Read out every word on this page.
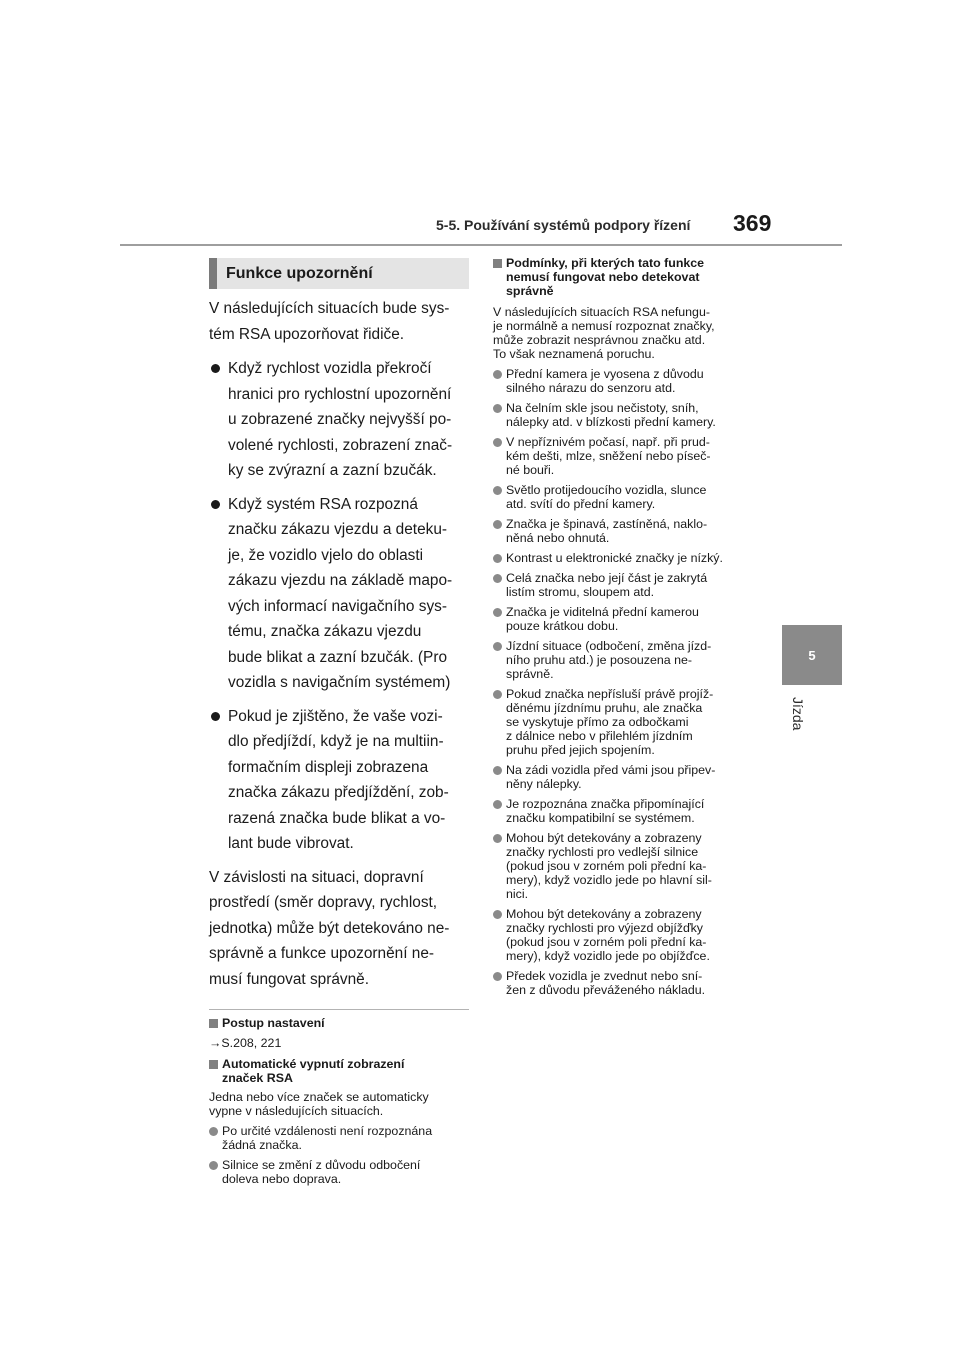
5-5. Používání systémů podpory řízení 369
5
Jízda
Funkce upozornění

V následujících situacích bude sys-
tém RSA upozorňovat řidiče.

Když rychlost vozidla překročí
hranici pro rychlostní upozornění
u zobrazené značky nejvyšší po-
volené rychlosti, zobrazení znač-
ky se zvýrazní a zazní bzučák.
Když systém RSA rozpozná
značku zákazu vjezdu a deteku-
je, že vozidlo vjelo do oblasti
zákazu vjezdu na základě mapo-
vých informací navigačního sys-
tému, značka zákazu vjezdu
bude blikat a zazní bzučák. (Pro
vozidla s navigačním systémem)
Pokud je zjištěno, že vaše vozi-
dlo předjíždí, když je na multiin-
formačním displeji zobrazena
značka zákazu předjíždění, zob-
razená značka bude blikat a vo-
lant bude vibrovat.

V závislosti na situaci, dopravní
prostředí (směr dopravy, rychlost,
jednotka) může být detekováno ne-
správně a funkce upozornění ne-
musí fungovat správně.

Postup nastavení
→S.208, 221
Automatické vypnutí zobrazení
značek RSA

Jedna nebo více značek se automaticky
vypne v následujících situacích.

Po určité vzdálenosti není rozpoznána
žádná značka.
Silnice se změní z důvodu odbočení
doleva nebo doprava.
Podmínky, při kterých tato funkce
nemusí fungovat nebo detekovat
správně

V následujících situacích RSA nefungu-
je normálně a nemusí rozpoznat značky,
může zobrazit nesprávnou značku atd.
To však neznamená poruchu.

Přední kamera je vyosena z důvodu
silného nárazu do senzoru atd.
Na čelním skle jsou nečistoty, sníh,
nálepky atd. v blízkosti přední kamery.
V nepříznivém počasí, např. při prud-
kém dešti, mlze, sněžení nebo píseč-
né bouři.
Světlo protijedoucího vozidla, slunce
atd. svítí do přední kamery.
Značka je špinavá, zastíněná, naklo-
něná nebo ohnutá.
Kontrast u elektronické značky je nízký.
Celá značka nebo její část je zakrytá
listím stromu, sloupem atd.
Značka je viditelná přední kamerou
pouze krátkou dobu.
Jízdní situace (odbočení, změna jízd-
ního pruhu atd.) je posouzena ne-
správně.
Pokud značka nepřísluší právě projíž-
děnému jízdnímu pruhu, ale značka
se vyskytuje přímo za odbočkami
z dálnice nebo v přilehlém jízdním
pruhu před jejich spojením.
Na zádi vozidla před vámi jsou připev-
něny nálepky.
Je rozpoznána značka připomínající
značku kompatibilní se systémem.
Mohou být detekovány a zobrazeny
značky rychlosti pro vedlejší silnice
(pokud jsou v zorném poli přední ka-
mery), když vozidlo jede po hlavní sil-
nici.
Mohou být detekovány a zobrazeny
značky rychlosti pro výjezd objížďky
(pokud jsou v zorném poli přední ka-
mery), když vozidlo jede po objížďce.
Předek vozidla je zvednut nebo sní-
žen z důvodu převáženého nákladu.
